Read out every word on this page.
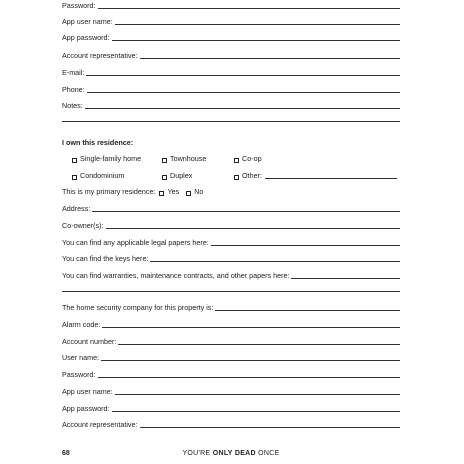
Password:
App user name:
App password:
Account representative:
E-mail:
Phone:
Notes:
I own this residence:
Single-family home	Townhouse	Co-op
Condominium	Duplex	Other:
This is my primary residence: Yes No
Address:
Co-owner(s):
You can find any applicable legal papers here:
You can find the keys here:
You can find warranties, maintenance contracts, and other papers here:
The home security company for this property is:
Alarm code:
Account number:
User name:
Password:
App user name:
App password:
Account representative:
68	YOU'RE ONLY DEAD ONCE
